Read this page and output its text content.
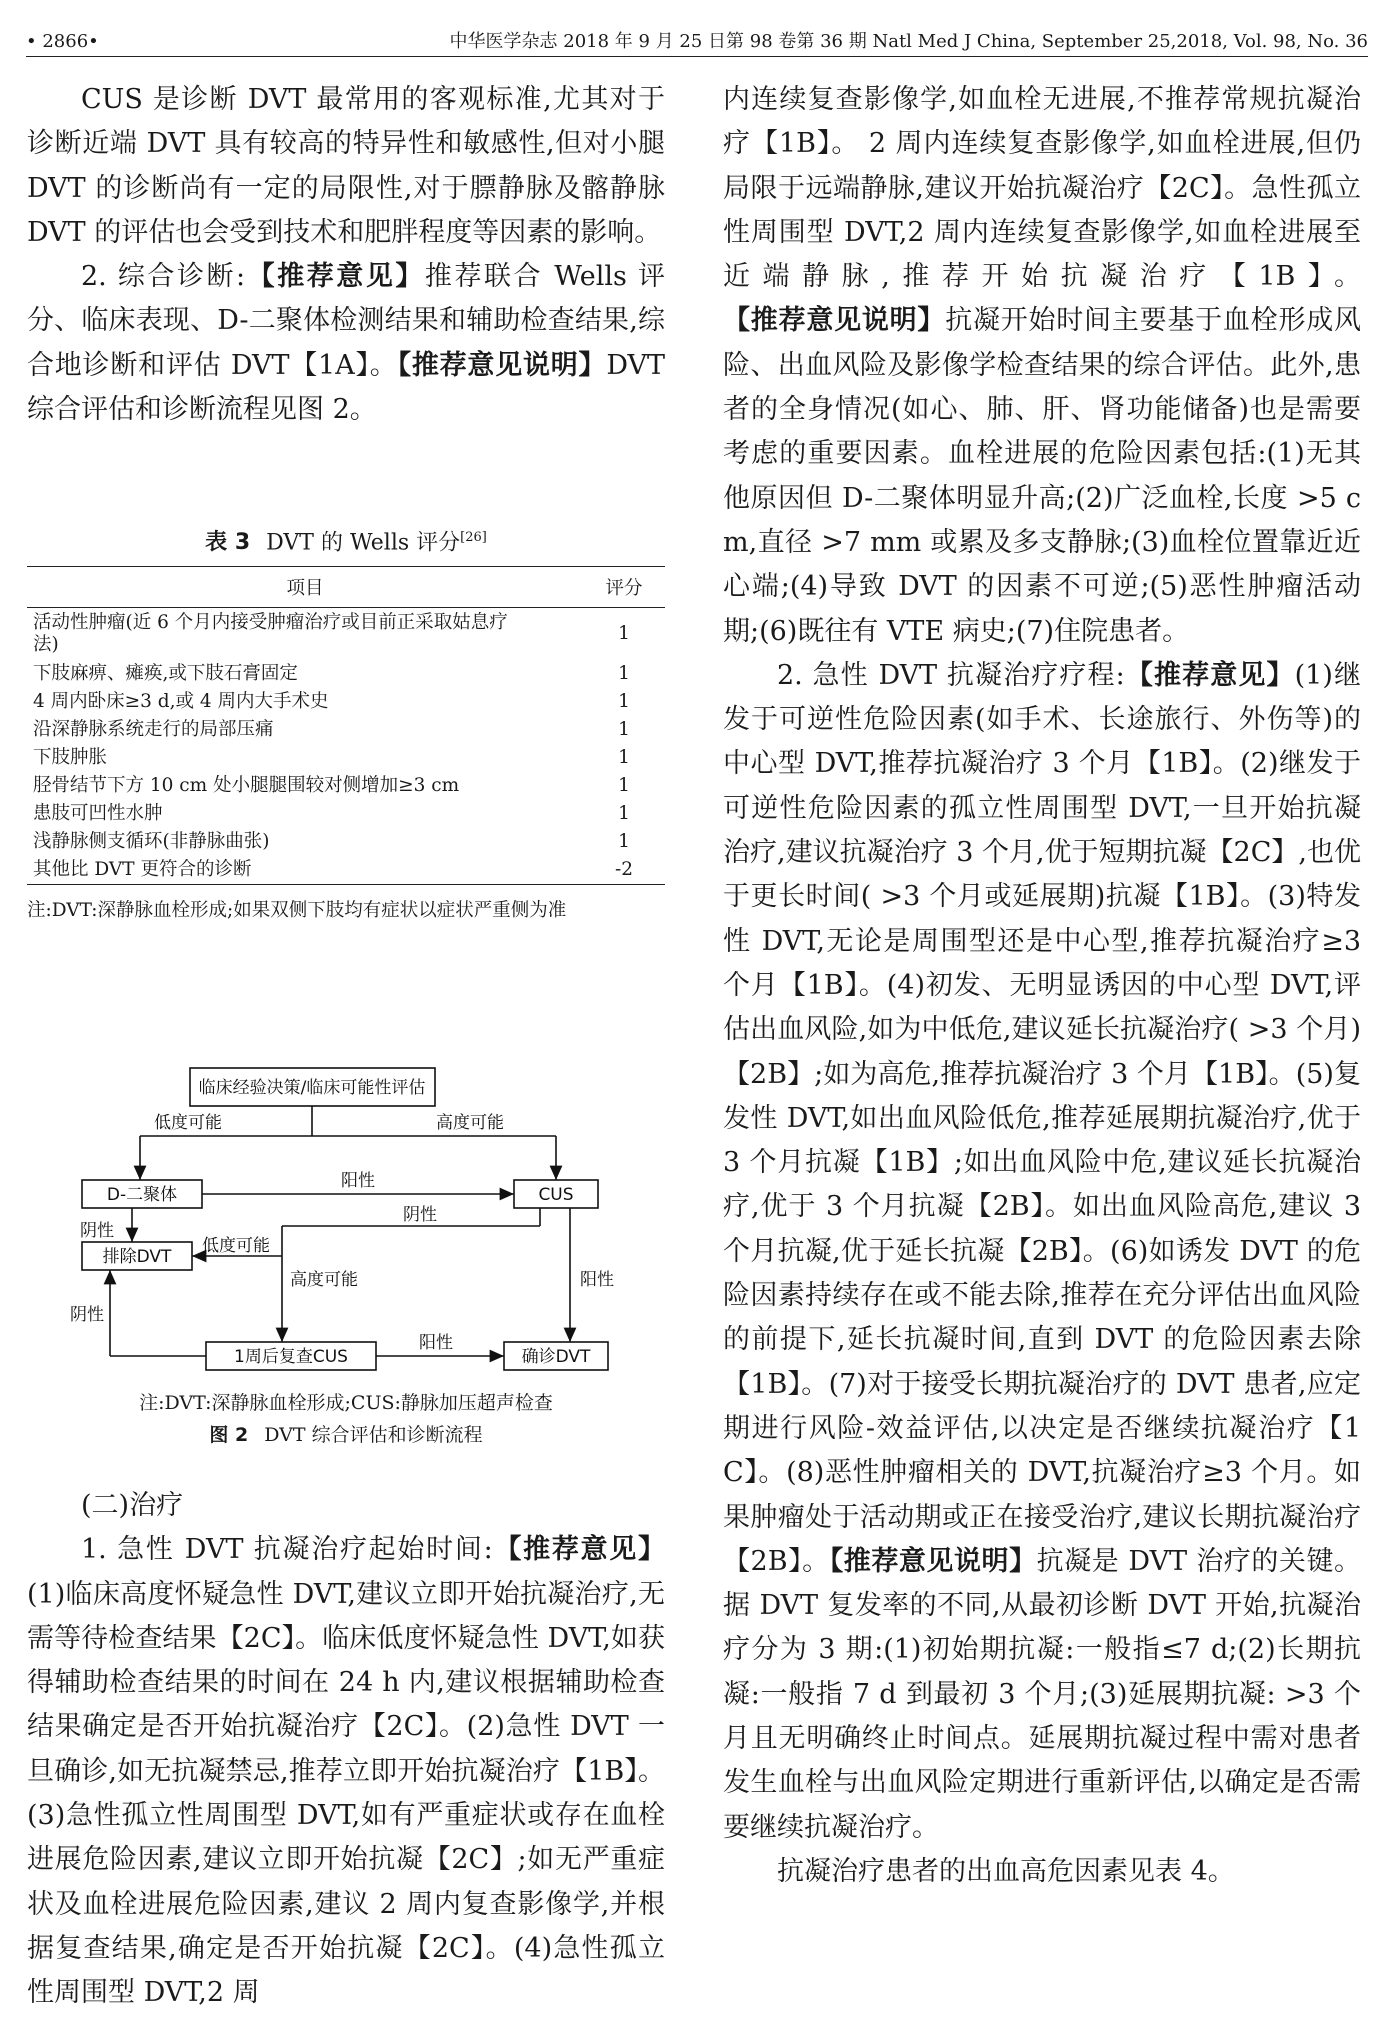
• 2866•	中华医学杂志 2018 年 9 月 25 日第 98 卷第 36 期 Natl Med J China, September 25,2018, Vol. 98, No. 36

CUS 是诊断 DVT 最常用的客观标准,尤其对于诊断近端 DVT 具有较高的特异性和敏感性,但对小腿 DVT 的诊断尚有一定的局限性,对于膘静脉及髂静脉 DVT 的评估也会受到技术和肥胖程度等因素的影响。

2. 综合诊断:【推荐意见】推荐联合 Wells 评分、临床表现、D-二聚体检测结果和辅助检查结果,综合地诊断和评估 DVT【1A】。【推荐意见说明】DVT 综合评估和诊断流程见图 2。

表 3 DVT 的 Wells 评分[26]
项目	评分
活动性肿瘤(近 6 个月内接受肿瘤治疗或目前正采取姑息疗法)	1
下肢麻痹、瘫痪,或下肢石膏固定	1
4 周内卧床≥3 d,或 4 周内大手术史	1
沿深静脉系统走行的局部压痛	1
下肢肿胀	1
胫骨结节下方 10 cm 处小腿腿围较对侧增加≥3 cm	1
患肢可凹性水肿	1
浅静脉侧支循环(非静脉曲张)	1
其他比 DVT 更符合的诊断	-2
注:DVT:深静脉血栓形成;如果双侧下肢均有症状以症状严重侧为准
临床经验决策/临床可能性评估
低度可能	高度可能
D-二聚体	CUS
阳性
阴性
排除DVT
低度可能
阴性
高度可能	阳性
阴性
1周后复查CUS
阳性
确诊DVT
注:DVT:深静脉血栓形成;CUS:静脉加压超声检查
图 2 DVT 综合评估和诊断流程

(二)治疗

1. 急性 DVT 抗凝治疗起始时间:【推荐意见】(1)临床高度怀疑急性 DVT,建议立即开始抗凝治疗,无需等待检查结果【2C】。临床低度怀疑急性 DVT,如获得辅助检查结果的时间在 24 h 内,建议根据辅助检查结果确定是否开始抗凝治疗【2C】。(2)急性 DVT 一旦确诊,如无抗凝禁忌,推荐立即开始抗凝治疗【1B】。(3)急性孤立性周围型 DVT,如有严重症状或存在血栓进展危险因素,建议立即开始抗凝【2C】;如无严重症状及血栓进展危险因素,建议 2 周内复查影像学,并根据复查结果,确定是否开始抗凝【2C】。(4)急性孤立性周围型 DVT,2 周

内连续复查影像学,如血栓无进展,不推荐常规抗凝治疗【1B】。 2 周内连续复查影像学,如血栓进展,但仍局限于远端静脉,建议开始抗凝治疗【2C】。急性孤立性周围型 DVT,2 周内连续复查影像学,如血栓进展至近端静脉,推荐开始抗凝治疗【1B】。【推荐意见说明】抗凝开始时间主要基于血栓形成风险、出血风险及影像学检查结果的综合评估。此外,患者的全身情况(如心、肺、肝、肾功能储备)也是需要考虑的重要因素。血栓进展的危险因素包括:(1)无其他原因但 D-二聚体明显升高;(2)广泛血栓,长度 >5 cm,直径 >7 mm 或累及多支静脉;(3)血栓位置靠近近心端;(4)导致 DVT 的因素不可逆;(5)恶性肿瘤活动期;(6)既往有 VTE 病史;(7)住院患者。

2. 急性 DVT 抗凝治疗疗程:【推荐意见】(1)继发于可逆性危险因素(如手术、长途旅行、外伤等)的中心型 DVT,推荐抗凝治疗 3 个月【1B】。(2)继发于可逆性危险因素的孤立性周围型 DVT,一旦开始抗凝治疗,建议抗凝治疗 3 个月,优于短期抗凝【2C】,也优于更长时间( >3 个月或延展期)抗凝【1B】。(3)特发性 DVT,无论是周围型还是中心型,推荐抗凝治疗≥3 个月【1B】。(4)初发、无明显诱因的中心型 DVT,评估出血风险,如为中低危,建议延长抗凝治疗( >3 个月)【2B】;如为高危,推荐抗凝治疗 3 个月【1B】。(5)复发性 DVT,如出血风险低危,推荐延展期抗凝治疗,优于 3 个月抗凝【1B】;如出血风险中危,建议延长抗凝治疗,优于 3 个月抗凝【2B】。如出血风险高危,建议 3 个月抗凝,优于延长抗凝【2B】。(6)如诱发 DVT 的危险因素持续存在或不能去除,推荐在充分评估出血风险的前提下,延长抗凝时间,直到 DVT 的危险因素去除【1B】。(7)对于接受长期抗凝治疗的 DVT 患者,应定期进行风险-效益评估,以决定是否继续抗凝治疗【1C】。(8)恶性肿瘤相关的 DVT,抗凝治疗≥3 个月。如果肿瘤处于活动期或正在接受治疗,建议长期抗凝治疗【2B】。【推荐意见说明】抗凝是 DVT 治疗的关键。据 DVT 复发率的不同,从最初诊断 DVT 开始,抗凝治疗分为 3 期:(1)初始期抗凝:一般指≤7 d;(2)长期抗凝:一般指 7 d 到最初 3 个月;(3)延展期抗凝: >3 个月且无明确终止时间点。延展期抗凝过程中需对患者发生血栓与出血风险定期进行重新评估,以确定是否需要继续抗凝治疗。

抗凝治疗患者的出血高危因素见表 4。
